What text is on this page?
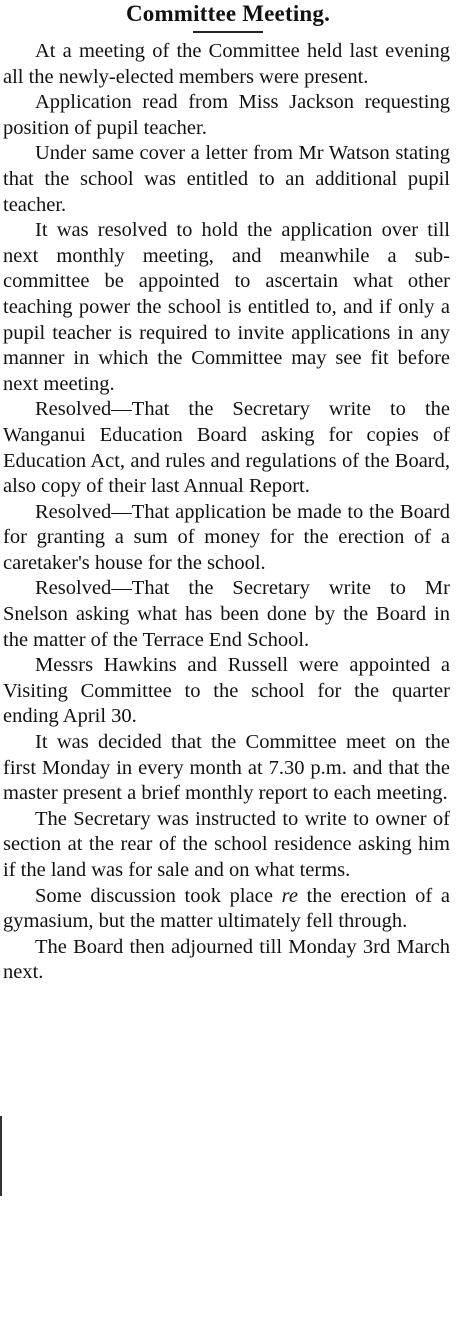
Committee Meeting.

At a meeting of the Committee held last evening all the newly-elected members were present.

Application read from Miss Jackson requesting position of pupil teacher.

Under same cover a letter from Mr Watson stating that the school was entitled to an additional pupil teacher.

It was resolved to hold the application over till next monthly meeting, and meanwhile a sub-committee be appointed to ascertain what other teaching power the school is entitled to, and if only a pupil teacher is required to invite applications in any manner in which the Committee may see fit before next meeting.

Resolved—That the Secretary write to the Wanganui Education Board asking for copies of Education Act, and rules and regulations of the Board, also copy of their last Annual Report.

Resolved—That application be made to the Board for granting a sum of money for the erection of a caretaker's house for the school.

Resolved—That the Secretary write to Mr Snelson asking what has been done by the Board in the matter of the Terrace End School.

Messrs Hawkins and Russell were appointed a Visiting Committee to the school for the quarter ending April 30.

It was decided that the Committee meet on the first Monday in every month at 7.30 p.m. and that the master present a brief monthly report to each meeting.

The Secretary was instructed to write to owner of section at the rear of the school residence asking him if the land was for sale and on what terms.

Some discussion took place re the erection of a gymasium, but the matter ultimately fell through.

The Board then adjourned till Monday 3rd March next.
